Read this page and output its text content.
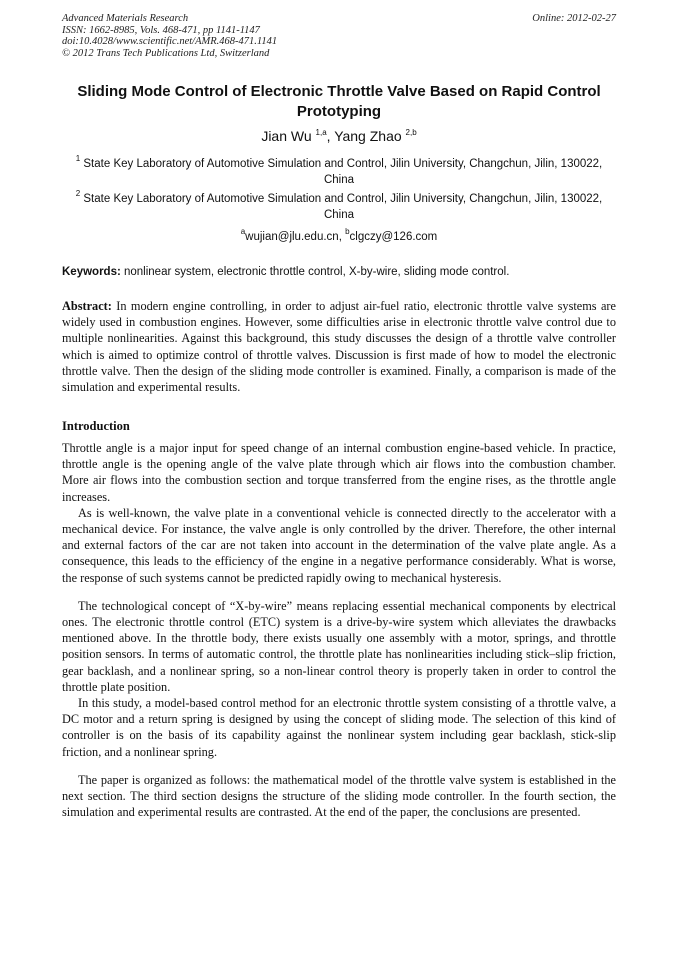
Advanced Materials Research
ISSN: 1662-8985, Vols. 468-471, pp 1141-1147
doi:10.4028/www.scientific.net/AMR.468-471.1141
© 2012 Trans Tech Publications Ltd, Switzerland
Online: 2012-02-27
Sliding Mode Control of Electronic Throttle Valve Based on Rapid Control Prototyping
Jian Wu $^{1,a}$, Yang Zhao $^{2,b}$
$^1$ State Key Laboratory of Automotive Simulation and Control, Jilin University, Changchun, Jilin, 130022, China
$^2$ State Key Laboratory of Automotive Simulation and Control, Jilin University, Changchun, Jilin, 130022, China
$^a$wujian@jlu.edu.cn, $^b$clgczy@126.com
Keywords: nonlinear system, electronic throttle control, X-by-wire, sliding mode control.
Abstract: In modern engine controlling, in order to adjust air-fuel ratio, electronic throttle valve systems are widely used in combustion engines. However, some difficulties arise in electronic throttle valve control due to multiple nonlinearities. Against this background, this study discusses the design of a throttle valve controller which is aimed to optimize control of throttle valves. Discussion is first made of how to model the electronic throttle valve. Then the design of the sliding mode controller is examined. Finally, a comparison is made of the simulation and experimental results.
Introduction

Throttle angle is a major input for speed change of an internal combustion engine-based vehicle. In practice, throttle angle is the opening angle of the valve plate through which air flows into the combustion chamber. More air flows into the combustion section and torque transferred from the engine rises, as the throttle angle increases.

As is well-known, the valve plate in a conventional vehicle is connected directly to the accelerator with a mechanical device. For instance, the valve angle is only controlled by the driver. Therefore, the other internal and external factors of the car are not taken into account in the determination of the valve plate angle. As a consequence, this leads to the efficiency of the engine in a negative performance considerably. What is worse, the response of such systems cannot be predicted rapidly owing to mechanical hysteresis.

The technological concept of “X-by-wire” means replacing essential mechanical components by electrical ones. The electronic throttle control (ETC) system is a drive-by-wire system which alleviates the drawbacks mentioned above. In the throttle body, there exists usually one assembly with a motor, springs, and throttle position sensors. In terms of automatic control, the throttle plate has nonlinearities including stick–slip friction, gear backlash, and a nonlinear spring, so a non-linear control theory is properly taken in order to control the throttle plate position.

In this study, a model-based control method for an electronic throttle system consisting of a throttle valve, a DC motor and a return spring is designed by using the concept of sliding mode. The selection of this kind of controller is on the basis of its capability against the nonlinear system including gear backlash, stick-slip friction, and a nonlinear spring.

The paper is organized as follows: the mathematical model of the throttle valve system is established in the next section. The third section designs the structure of the sliding mode controller. In the fourth section, the simulation and experimental results are contrasted. At the end of the paper, the conclusions are presented.
